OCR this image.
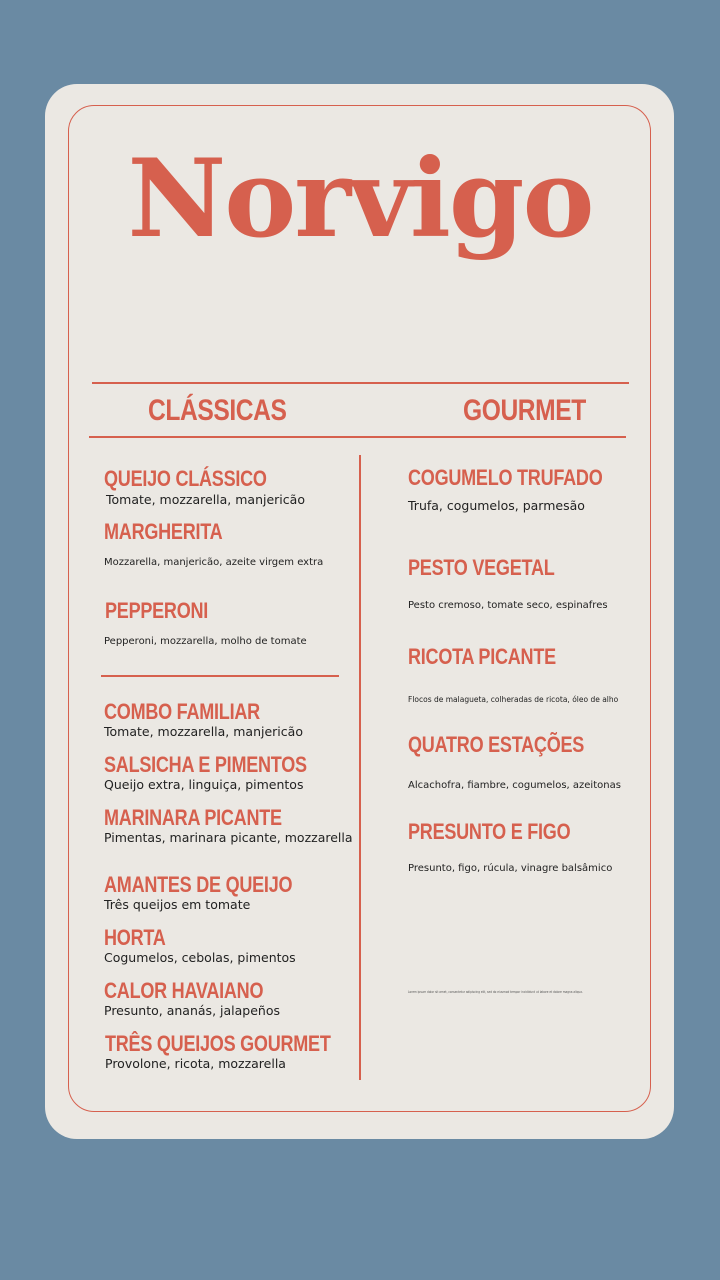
Norvigo
CLÁSSICAS	GOURMET
QUEIJO CLÁSSICO
Tomate, mozzarella, manjericão
MARGHERITA
Mozzarella, manjericão, azeite virgem extra
PEPPERONI
Pepperoni, mozzarella, molho de tomate
COMBO FAMILIAR
Tomate, mozzarella, manjericão
SALSICHA E PIMENTOS
Queijo extra, linguiça, pimentos
MARINARA PICANTE
Pimentas, marinara picante, mozzarella
AMANTES DE QUEIJO
Três queijos em tomate
HORTA
Cogumelos, cebolas, pimentos
CALOR HAVAIANO
Presunto, ananás, jalapeños
TRÊS QUEIJOS GOURMET
Provolone, ricota, mozzarella
COGUMELO TRUFADO
Trufa, cogumelos, parmesão
PESTO VEGETAL
Pesto cremoso, tomate seco, espinafres
RICOTA PICANTE
Flocos de malagueta, colheradas de ricota, óleo de alho
QUATRO ESTAÇÕES
Alcachofra, fiambre, cogumelos, azeitonas
PRESUNTO E FIGO
Presunto, figo, rúcula, vinagre balsâmico
Lorem ipsum dolor sit amet, consectetur adipiscing elit, sed do eiusmod tempor incididunt ut labore et dolore magna aliqua.
